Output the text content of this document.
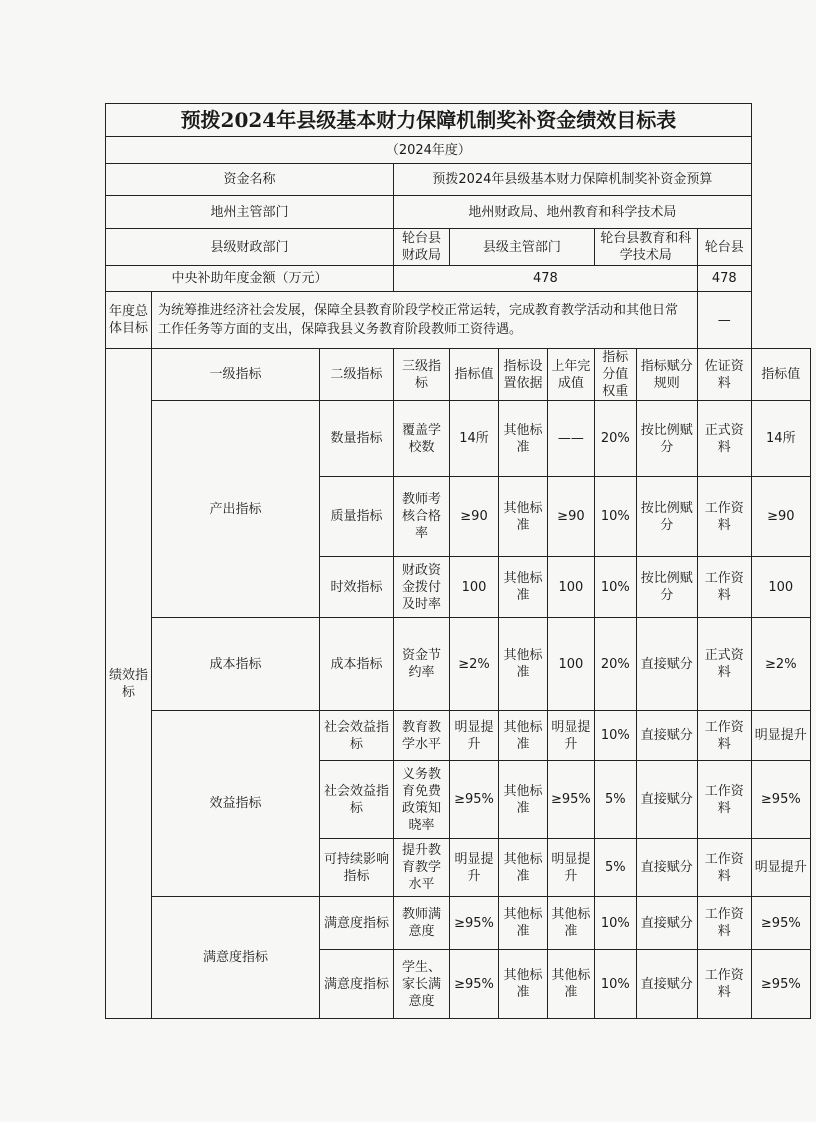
预拨2024年县级基本财力保障机制奖补资金绩效目标表										
（2024年度）										
资金名称			预拨2024年县级基本财力保障机制奖补资金预算							
地州主管部门			地州财政局、地州教育和科学技术局							
县级财政部门			轮台县财政局	县级主管部门			轮台县教育和科学技术局		轮台县	
中央补助年度金额（万元）			478						478	
年度总体目标	为统筹推进经济社会发展，保障全县教育阶段学校正常运转，完成教育教学活动和其他日常工作任务等方面的支出，保障我县义务教育阶段教师工资待遇。								—	
绩效指标	一级指标	二级指标	三级指标	指标值	指标设置依据	上年完成值	指标分值权重	指标赋分规则	佐证资料	指标值
	产出指标	数量指标	覆盖学校数	14所	其他标准	——	20%	按比例赋分	正式资料	14所
		质量指标	教师考核合格率	≥90	其他标准	≥90	10%	按比例赋分	工作资料	≥90
		时效指标	财政资金拨付及时率	100	其他标准	100	10%	按比例赋分	工作资料	100
	成本指标	成本指标	资金节约率	≥2%	其他标准	100	20%	直接赋分	正式资料	≥2%
	效益指标	社会效益指标	教育教学水平	明显提升	其他标准	明显提升	10%	直接赋分	工作资料	明显提升
		社会效益指标	义务教育免费政策知晓率	≥95%	其他标准	≥95%	5%	直接赋分	工作资料	≥95%
		可持续影响指标	提升教育教学水平	明显提升	其他标准	明显提升	5%	直接赋分	工作资料	明显提升
	满意度指标	满意度指标	教师满意度	≥95%	其他标准	其他标准	10%	直接赋分	工作资料	≥95%
		满意度指标	学生、家长满意度	≥95%	其他标准	其他标准	10%	直接赋分	工作资料	≥95%
